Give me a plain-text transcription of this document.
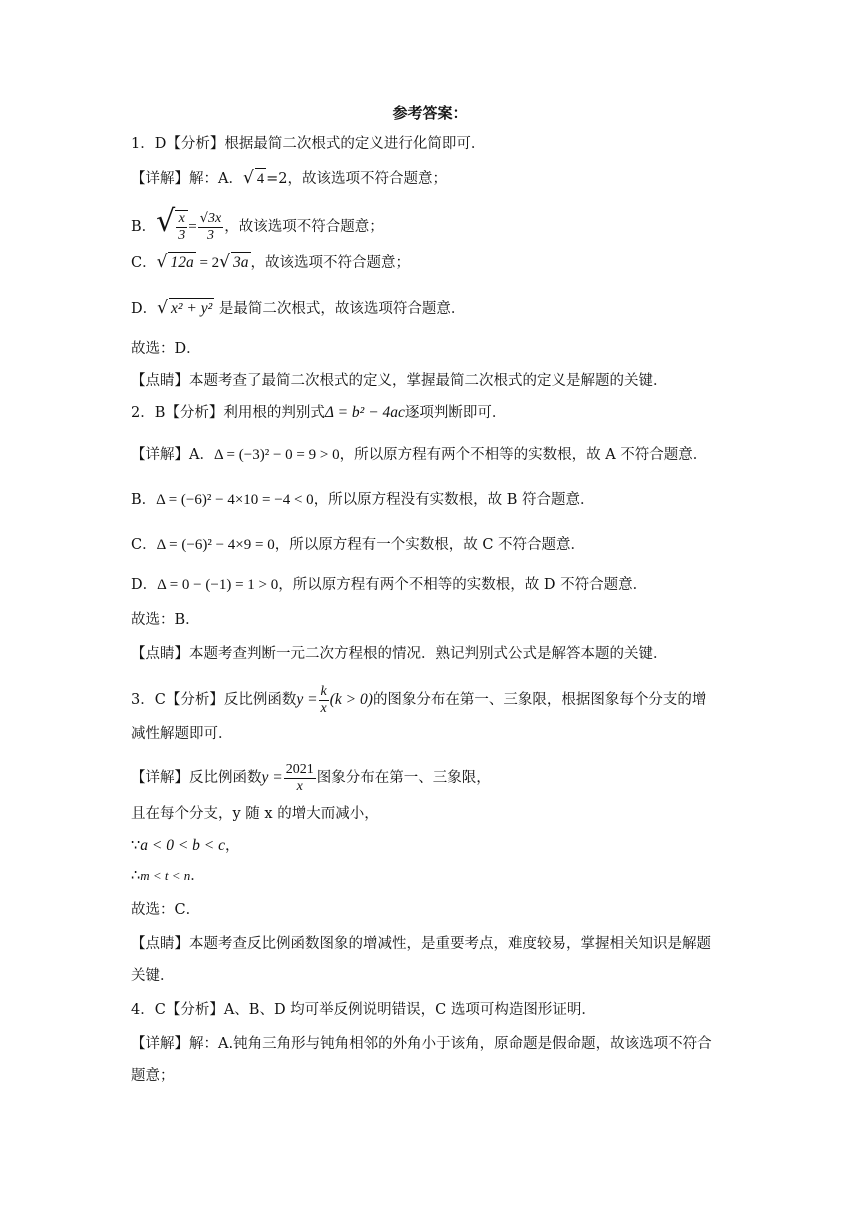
参考答案：
1．D【分析】根据最简二次根式的定义进行化简即可．
【详解】解：A．√ 4 =2，故该选项不符合题意；
B．√ $\frac{x}{3} = \frac{√3x}{3}$ ，故该选项不符合题意；
C．√ 12a = 2√ 3a ，故该选项不符合题意；
D．√ x² + y² 是最简二次根式，故该选项符合题意．
故选：D．
【点睛】本题考查了最简二次根式的定义，掌握最简二次根式的定义是解题的关键．
2．B【分析】利用根的判别式Δ = b² − 4ac逐项判断即可．
【详解】A．Δ = (−3)² − 0 = 9 > 0，所以原方程有两个不相等的实数根，故 A 不符合题意．
B．Δ = (−6)² − 4×10 = −4 < 0，所以原方程没有实数根，故 B 符合题意．
C．Δ = (−6)² − 4×9 = 0，所以原方程有一个实数根，故 C 不符合题意．
D．Δ = 0 − (−1) = 1 > 0，所以原方程有两个不相等的实数根，故 D 不符合题意．
故选：B．
【点睛】本题考查判断一元二次方程根的情况．熟记判别式公式是解答本题的关键．
3．C【分析】反比例函数$y = \frac{k}{x} (k > 0)$的图象分布在第一、三象限，根据图象每个分支的增
减性解题即可．
【详解】反比例函数$y = \frac{2021}{x}$ 图象分布在第一、三象限，
且在每个分支，y 随 x 的增大而减小，
∵a < 0 < b < c，
∴m < t < n．
故选：C．
【点睛】本题考查反比例函数图象的增减性，是重要考点，难度较易，掌握相关知识是解题
关键．
4．C【分析】A、B、D 均可举反例说明错误，C 选项可构造图形证明．
【详解】解：A.钝角三角形与钝角相邻的外角小于该角，原命题是假命题，故该选项不符合
题意；
